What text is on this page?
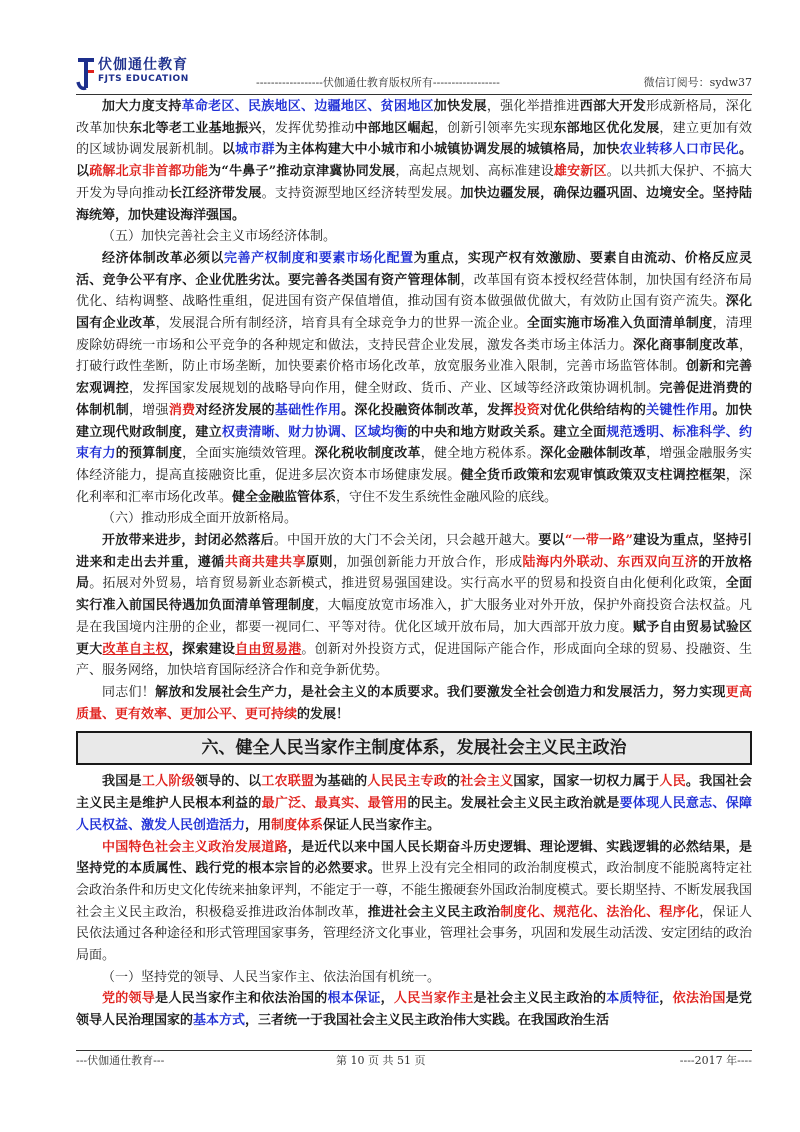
伏伽通仕教育
FJTS EDUCATION	------------------伏伽通仕教育版权所有------------------	微信订阅号：sydw37

加大力度支持革命老区、民族地区、边疆地区、贫困地区加快发展，强化举措推进西部大开发形成新格局，深化改革加快东北等老工业基地振兴，发挥优势推动中部地区崛起，创新引领率先实现东部地区优化发展，建立更加有效的区域协调发展新机制。以城市群为主体构建大中小城市和小城镇协调发展的城镇格局，加快农业转移人口市民化。以疏解北京非首都功能为“牛鼻子”推动京津冀协同发展，高起点规划、高标准建设雄安新区。以共抓大保护、不搞大开发为导向推动长江经济带发展。支持资源型地区经济转型发展。加快边疆发展，确保边疆巩固、边境安全。坚持陆海统筹，加快建设海洋强国。

（五）加快完善社会主义市场经济体制。

经济体制改革必须以完善产权制度和要素市场化配置为重点，实现产权有效激励、要素自由流动、价格反应灵活、竞争公平有序、企业优胜劣汰。要完善各类国有资产管理体制，改革国有资本授权经营体制，加快国有经济布局优化、结构调整、战略性重组，促进国有资产保值增值，推动国有资本做强做优做大，有效防止国有资产流失。深化国有企业改革，发展混合所有制经济，培育具有全球竞争力的世界一流企业。全面实施市场准入负面清单制度，清理废除妨碍统一市场和公平竞争的各种规定和做法，支持民营企业发展，激发各类市场主体活力。深化商事制度改革，打破行政性垄断，防止市场垄断，加快要素价格市场化改革，放宽服务业准入限制，完善市场监管体制。创新和完善宏观调控，发挥国家发展规划的战略导向作用，健全财政、货币、产业、区域等经济政策协调机制。完善促进消费的体制机制，增强消费对经济发展的基础性作用。深化投融资体制改革，发挥投资对优化供给结构的关键性作用。加快建立现代财政制度，建立权责清晰、财力协调、区域均衡的中央和地方财政关系。建立全面规范透明、标准科学、约束有力的预算制度，全面实施绩效管理。深化税收制度改革，健全地方税体系。深化金融体制改革，增强金融服务实体经济能力，提高直接融资比重，促进多层次资本市场健康发展。健全货币政策和宏观审慎政策双支柱调控框架，深化利率和汇率市场化改革。健全金融监管体系，守住不发生系统性金融风险的底线。

（六）推动形成全面开放新格局。

开放带来进步，封闭必然落后。中国开放的大门不会关闭，只会越开越大。要以“一带一路”建设为重点，坚持引进来和走出去并重，遵循共商共建共享原则，加强创新能力开放合作，形成陆海内外联动、东西双向互济的开放格局。拓展对外贸易，培育贸易新业态新模式，推进贸易强国建设。实行高水平的贸易和投资自由化便利化政策，全面实行准入前国民待遇加负面清单管理制度，大幅度放宽市场准入，扩大服务业对外开放，保护外商投资合法权益。凡是在我国境内注册的企业，都要一视同仁、平等对待。优化区域开放布局，加大西部开放力度。赋予自由贸易试验区更大改革自主权，探索建设自由贸易港。创新对外投资方式，促进国际产能合作，形成面向全球的贸易、投融资、生产、服务网络，加快培育国际经济合作和竞争新优势。

同志们！解放和发展社会生产力，是社会主义的本质要求。我们要激发全社会创造力和发展活力，努力实现更高质量、更有效率、更加公平、更可持续的发展！

六、健全人民当家作主制度体系，发展社会主义民主政治

我国是工人阶级领导的、以工农联盟为基础的人民民主专政的社会主义国家，国家一切权力属于人民。我国社会主义民主是维护人民根本利益的最广泛、最真实、最管用的民主。发展社会主义民主政治就是要体现人民意志、保障人民权益、激发人民创造活力，用制度体系保证人民当家作主。

中国特色社会主义政治发展道路，是近代以来中国人民长期奋斗历史逻辑、理论逻辑、实践逻辑的必然结果，是坚持党的本质属性、践行党的根本宗旨的必然要求。世界上没有完全相同的政治制度模式，政治制度不能脱离特定社会政治条件和历史文化传统来抽象评判，不能定于一尊，不能生搬硬套外国政治制度模式。要长期坚持、不断发展我国社会主义民主政治，积极稳妥推进政治体制改革，推进社会主义民主政治制度化、规范化、法治化、程序化，保证人民依法通过各种途径和形式管理国家事务，管理经济文化事业，管理社会事务，巩固和发展生动活泼、安定团结的政治局面。

（一）坚持党的领导、人民当家作主、依法治国有机统一。

党的领导是人民当家作主和依法治国的根本保证，人民当家作主是社会主义民主政治的本质特征，依法治国是党领导人民治理国家的基本方式，三者统一于我国社会主义民主政治伟大实践。在我国政治生活

---伏伽通仕教育---	第 10 页 共 51 页	----2017 年----
